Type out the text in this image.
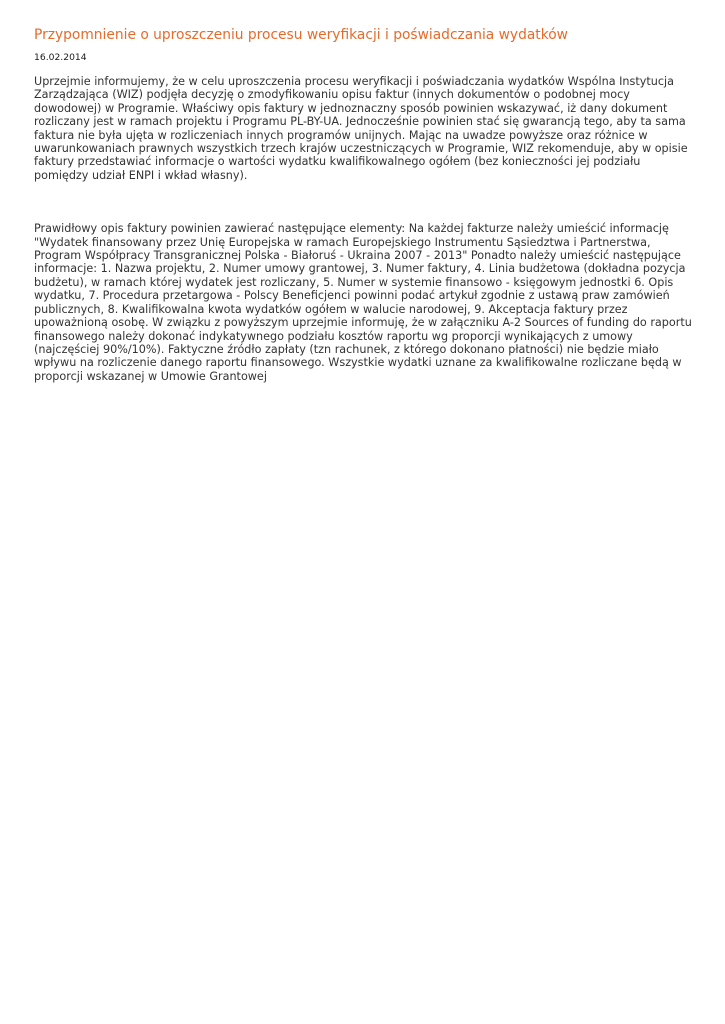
Przypomnienie o uproszczeniu procesu weryfikacji i poświadczania wydatków

16.02.2014

Uprzejmie informujemy, że w celu uproszczenia procesu weryfikacji i poświadczania wydatków Wspólna Instytucja Zarządzająca (WIZ) podjęła decyzję o zmodyfikowaniu opisu faktur (innych dokumentów o podobnej mocy dowodowej) w Programie. Właściwy opis faktury w jednoznaczny sposób powinien wskazywać, iż dany dokument rozliczany jest w ramach projektu i Programu PL-BY-UA. Jednocześnie powinien stać się gwarancją tego, aby ta sama faktura nie była ujęta w rozliczeniach innych programów unijnych. Mając na uwadze powyższe oraz różnice w uwarunkowaniach prawnych wszystkich trzech krajów uczestniczących w Programie, WIZ rekomenduje, aby w opisie faktury przedstawiać informacje o wartości wydatku kwalifikowalnego ogółem (bez konieczności jej podziału pomiędzy udział ENPI i wkład własny).

Prawidłowy opis faktury powinien zawierać następujące elementy: Na każdej fakturze należy umieścić informację "Wydatek finansowany przez Unię Europejska w ramach Europejskiego Instrumentu Sąsiedztwa i Partnerstwa, Program Współpracy Transgranicznej Polska - Białoruś - Ukraina 2007 - 2013" Ponadto należy umieścić następujące informacje: 1. Nazwa projektu, 2. Numer umowy grantowej, 3. Numer faktury, 4. Linia budżetowa (dokładna pozycja budżetu), w ramach której wydatek jest rozliczany, 5. Numer w systemie finansowo - księgowym jednostki 6. Opis wydatku, 7. Procedura przetargowa - Polscy Beneficjenci powinni podać artykuł zgodnie z ustawą praw zamówień publicznych, 8. Kwalifikowalna kwota wydatków ogółem w walucie narodowej, 9. Akceptacja faktury przez upoważnioną osobę. W związku z powyższym uprzejmie informuję, że w załączniku A-2 Sources of funding do raportu finansowego należy dokonać indykatywnego podziału kosztów raportu wg proporcji wynikających z umowy (najczęściej 90%/10%). Faktyczne źródło zapłaty (tzn rachunek, z którego dokonano płatności) nie będzie miało wpływu na rozliczenie danego raportu finansowego. Wszystkie wydatki uznane za kwalifikowalne rozliczane będą w proporcji wskazanej w Umowie Grantowej
